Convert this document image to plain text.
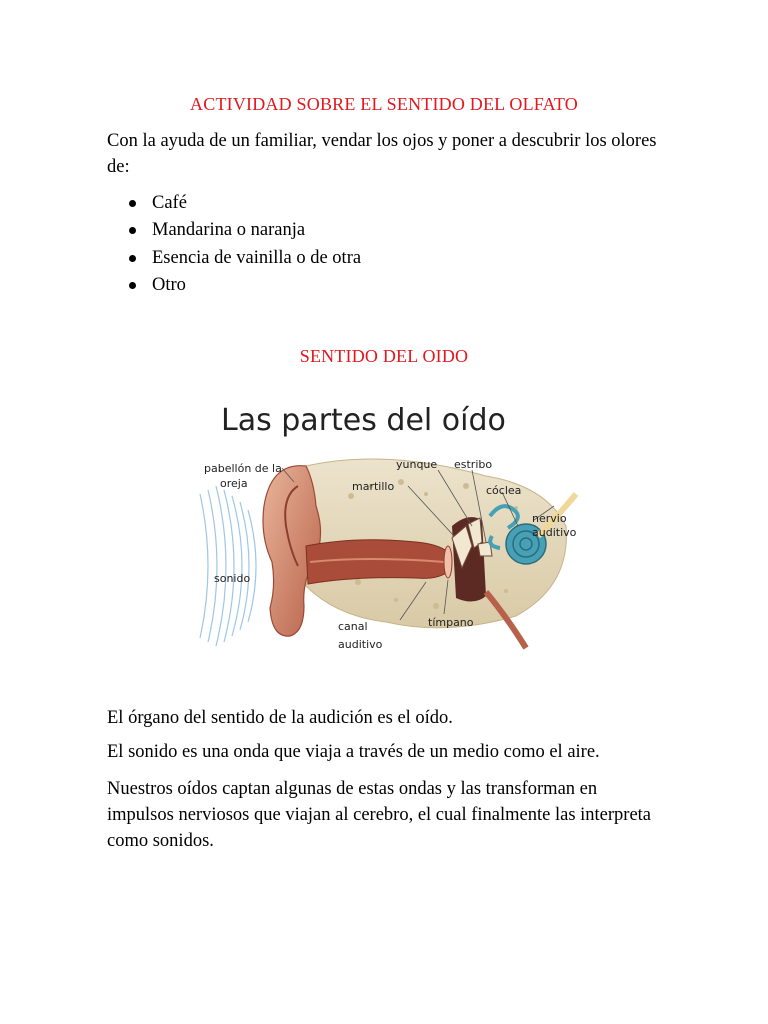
ACTIVIDAD SOBRE EL SENTIDO DEL OLFATO
Con la ayuda de un familiar, vendar los ojos y poner a descubrir los olores de:
Café
Mandarina o naranja
Esencia de vainilla o de otra
Otro
SENTIDO DEL OIDO
Las partes del oído
pabellón de la
oreja
yunque estribo
martillo	cóclea
nervio
auditivo
sonido
canal
auditivo
tímpano
El órgano del sentido de la audición es el oído.
El sonido es una onda que viaja a través de un medio como el aire.
Nuestros oídos captan algunas de estas ondas y las transforman en impulsos nerviosos que viajan al cerebro, el cual finalmente las interpreta como sonidos.
